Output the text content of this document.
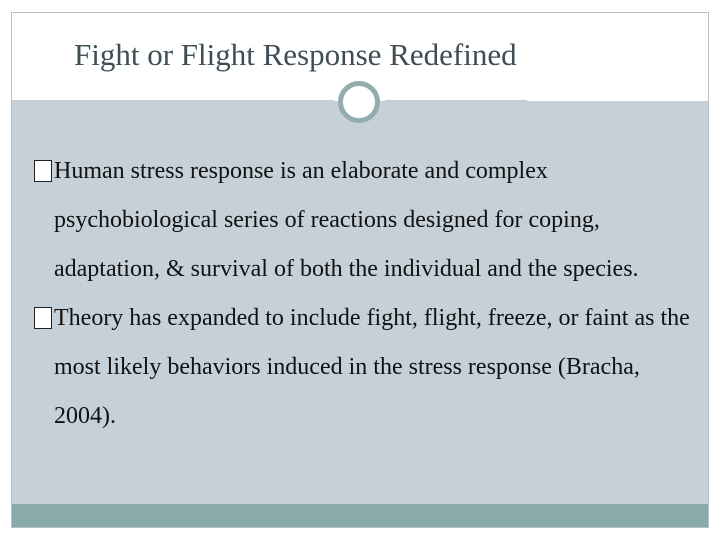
Fight or Flight Response Redefined
Human stress response is an elaborate and complex psychobiological series of reactions designed for coping, adaptation, & survival of both the individual and the species.
Theory has expanded to include fight, flight, freeze, or faint as the most likely behaviors induced in the stress response (Bracha, 2004).
